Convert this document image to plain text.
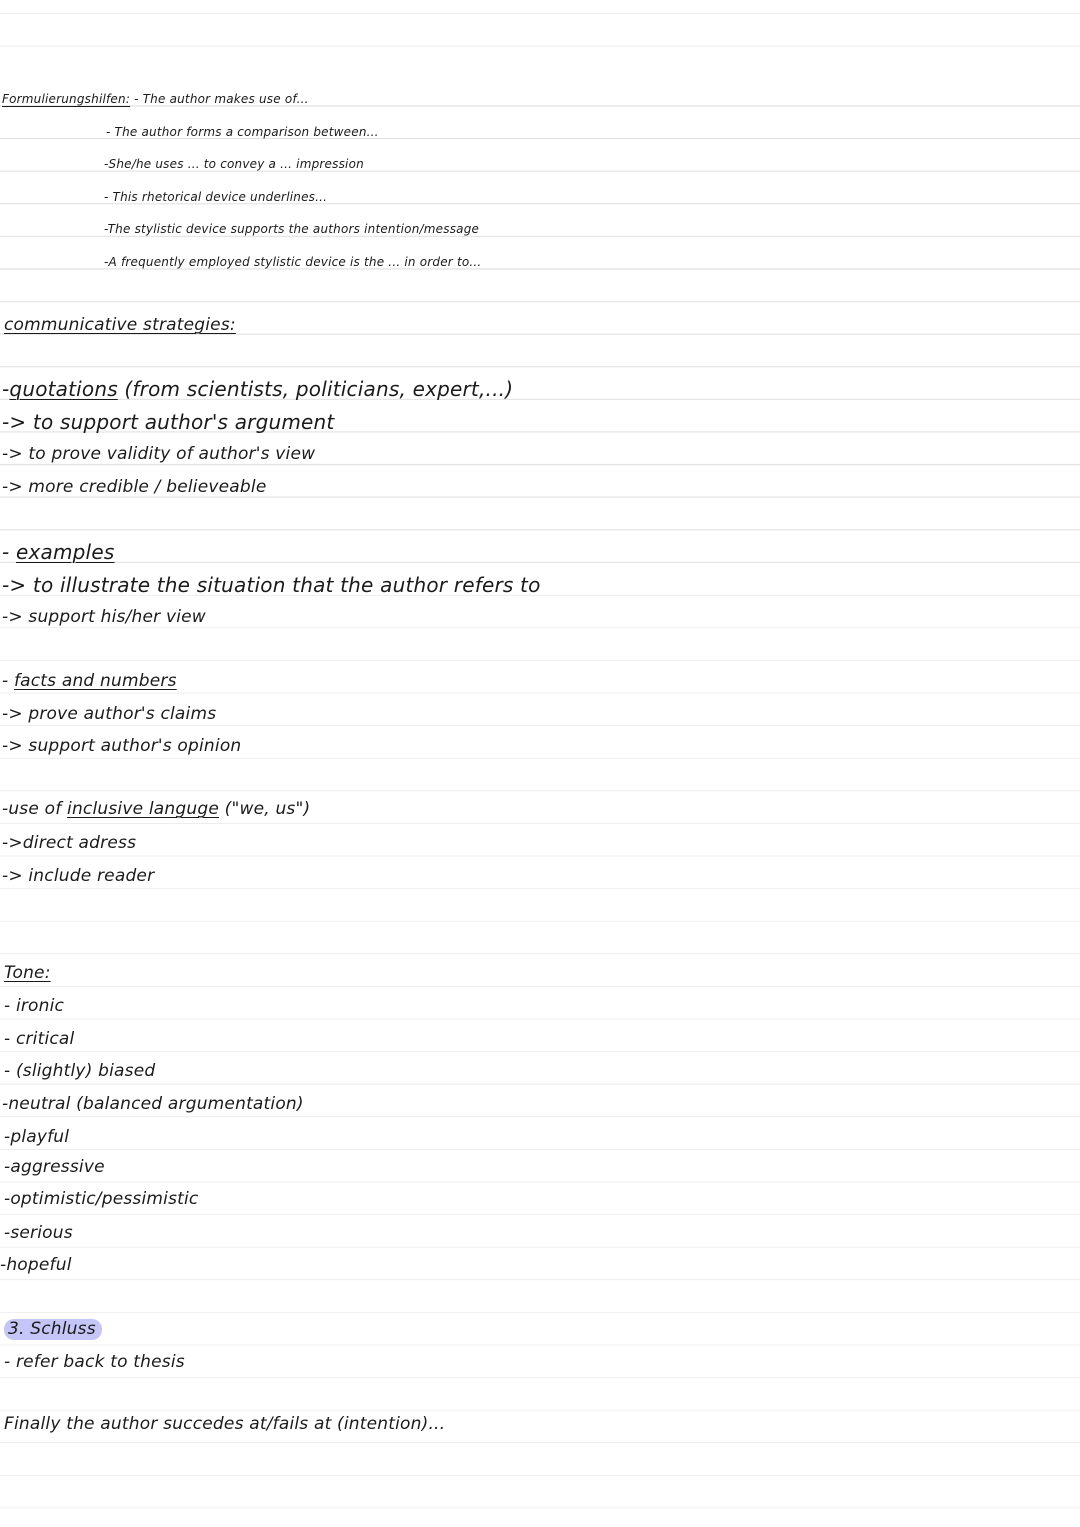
Formulierungshilfen: - The author makes use of...
- The author forms a comparison between...
-She/he uses ... to convey a ... impression
- This rhetorical device underlines...
-The stylistic device supports the authors intention/message
-A frequently employed stylistic device is the ... in order to...
communicative strategies:
-quotations (from scientists, politicians, expert,...)
-> to support author's argument
-> to prove validity of author's view
-> more credible / believeable
- examples
-> to illustrate the situation that the author refers to
-> support his/her view
- facts and numbers
-> prove author's claims
-> support author's opinion
-use of inclusive languge ("we, us")
->direct adress
-> include reader
Tone:
- ironic
- critical
- (slightly) biased
-neutral (balanced argumentation)
-playful
-aggressive
-optimistic/pessimistic
-serious
-hopeful
3. Schluss
- refer back to thesis
Finally the author succedes at/fails at (intention)...
